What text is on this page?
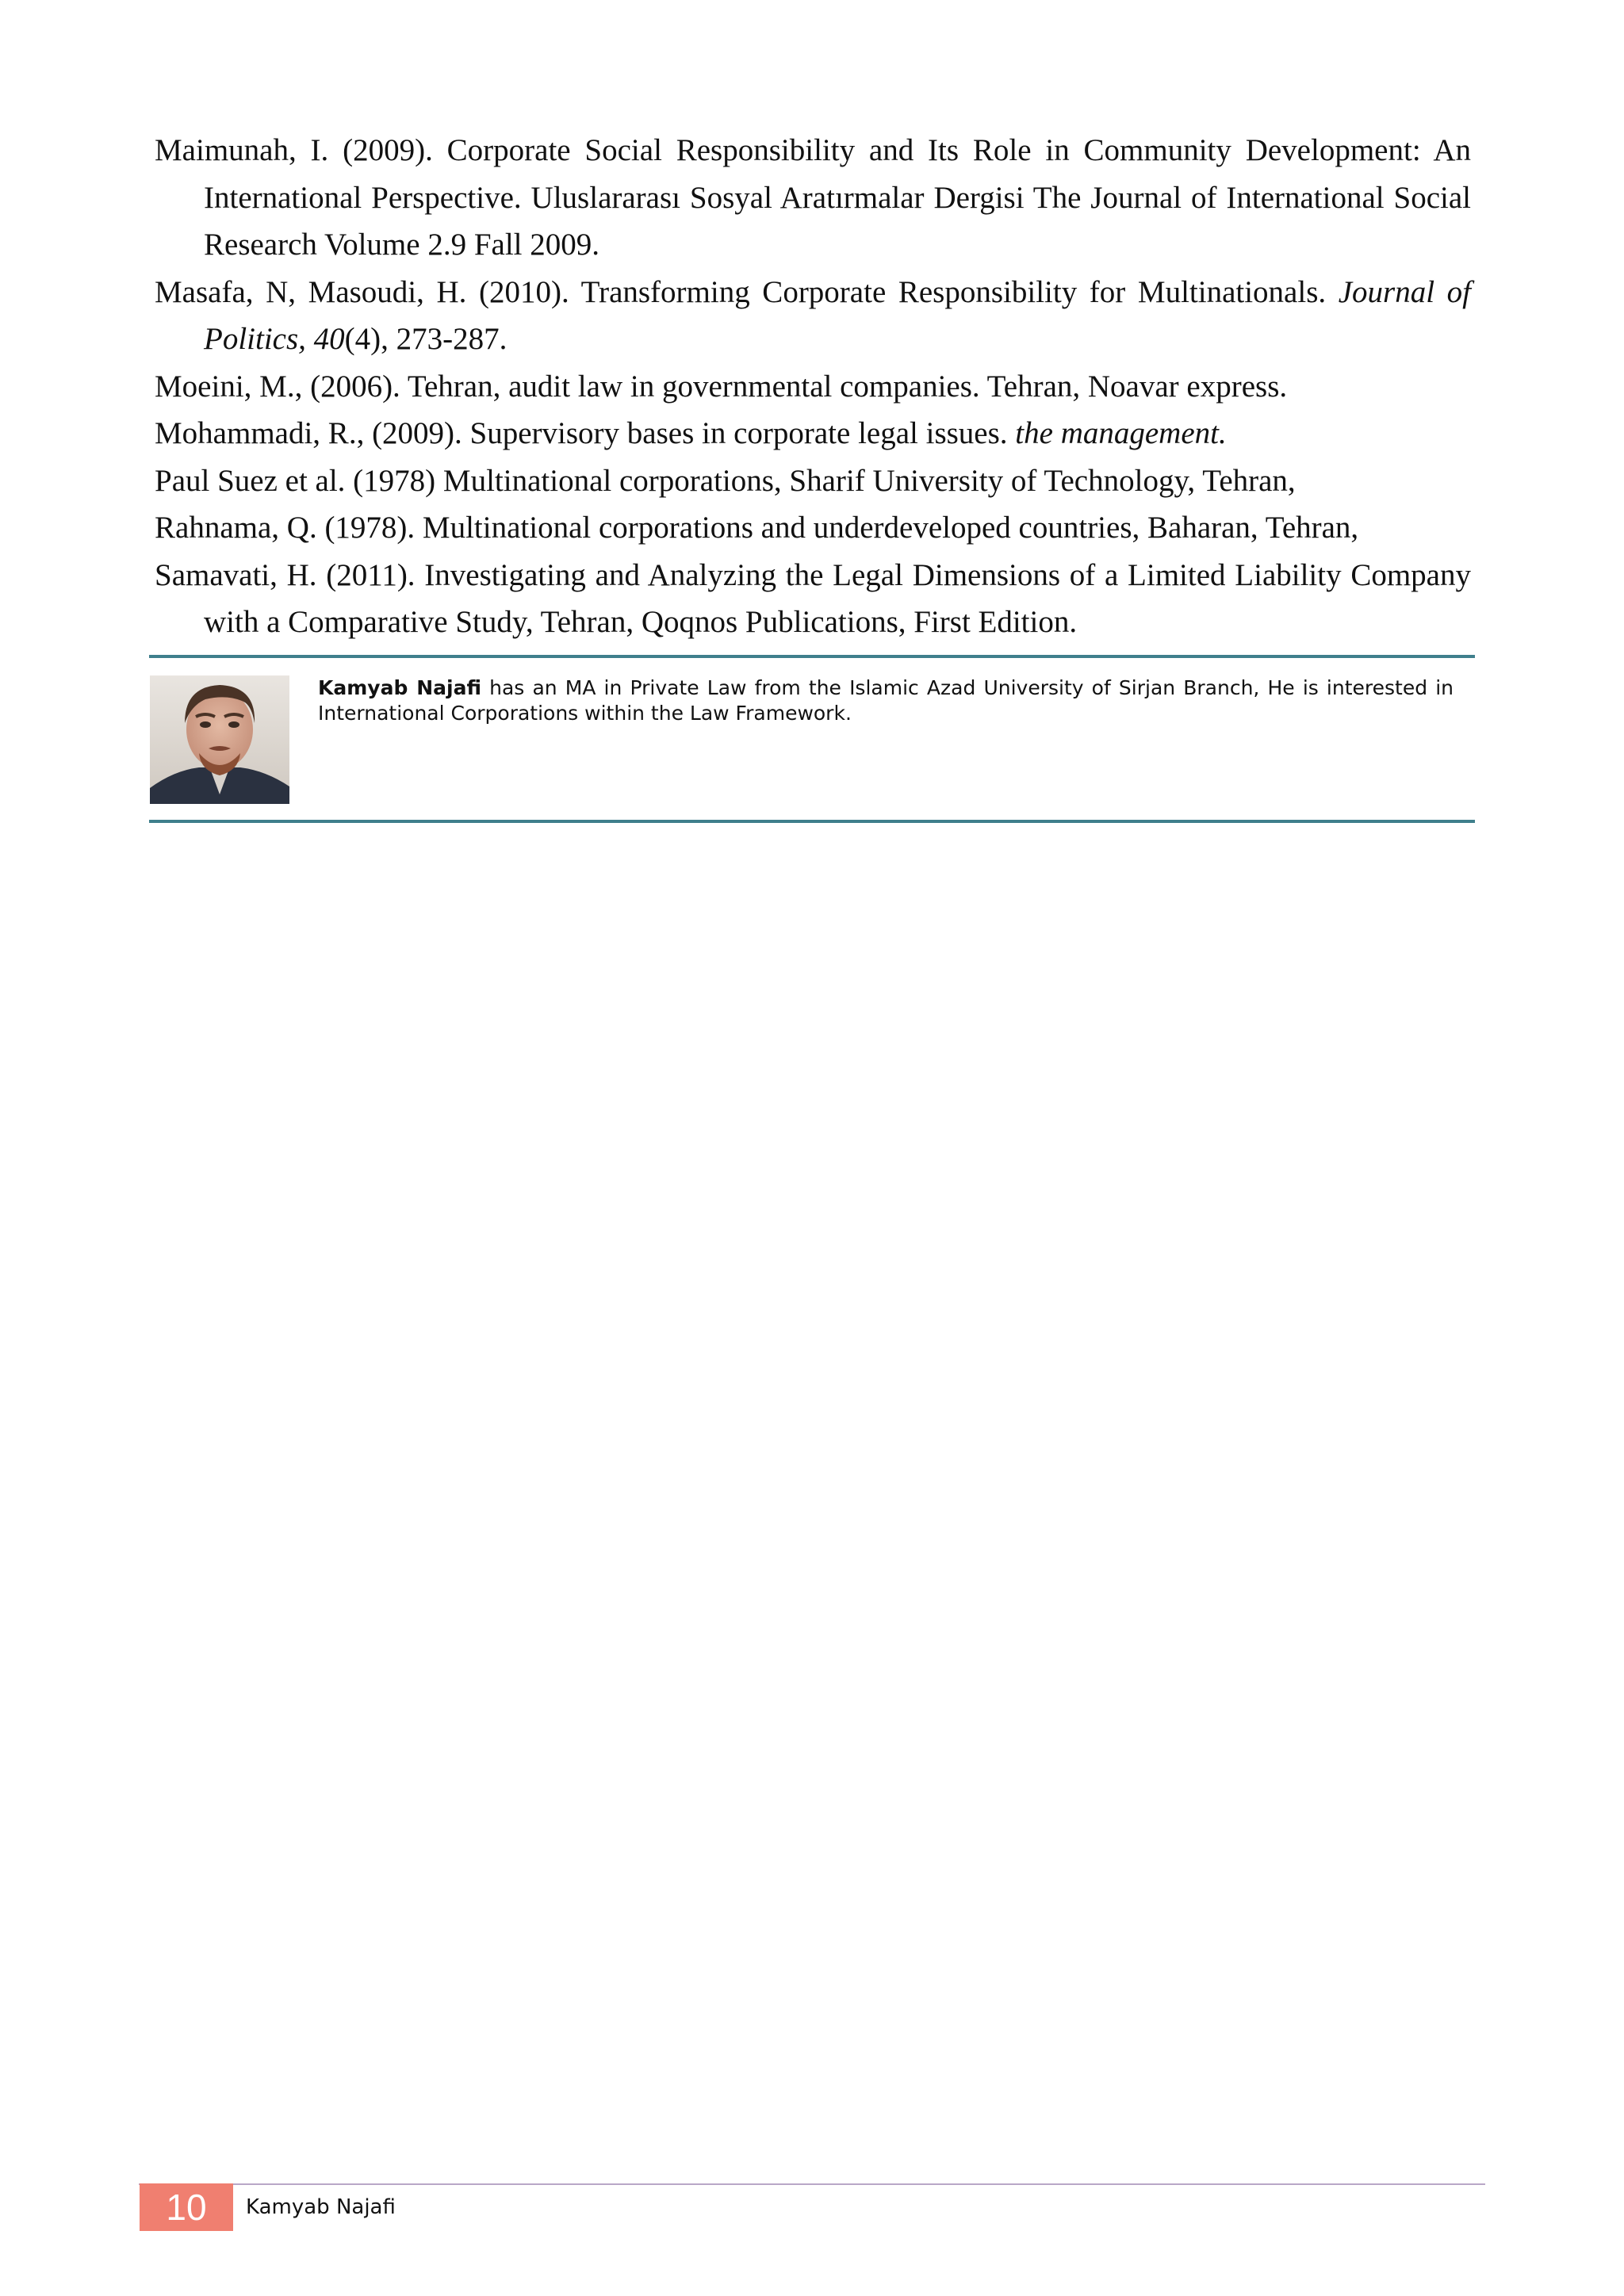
Maimunah, I. (2009). Corporate Social Responsibility and Its Role in Community Development: An International Perspective. Uluslararası Sosyal Aratırmalar Dergisi The Journal of International Social Research Volume 2.9 Fall 2009.

Masafa, N, Masoudi, H. (2010). Transforming Corporate Responsibility for Multinationals. Journal of Politics, 40(4), 273-287.

Moeini, M., (2006). Tehran, audit law in governmental companies. Tehran, Noavar express.

Mohammadi, R., (2009). Supervisory bases in corporate legal issues. the management.

Paul Suez et al. (1978) Multinational corporations, Sharif University of Technology, Tehran,

Rahnama, Q. (1978). Multinational corporations and underdeveloped countries, Baharan, Tehran,

Samavati, H. (2011). Investigating and Analyzing the Legal Dimensions of a Limited Liability Company with a Comparative Study, Tehran, Qoqnos Publications, First Edition.

Kamyab Najafi has an MA in Private Law from the Islamic Azad University of Sirjan Branch, He is interested in International Corporations within the Law Framework.
10	Kamyab Najafi
